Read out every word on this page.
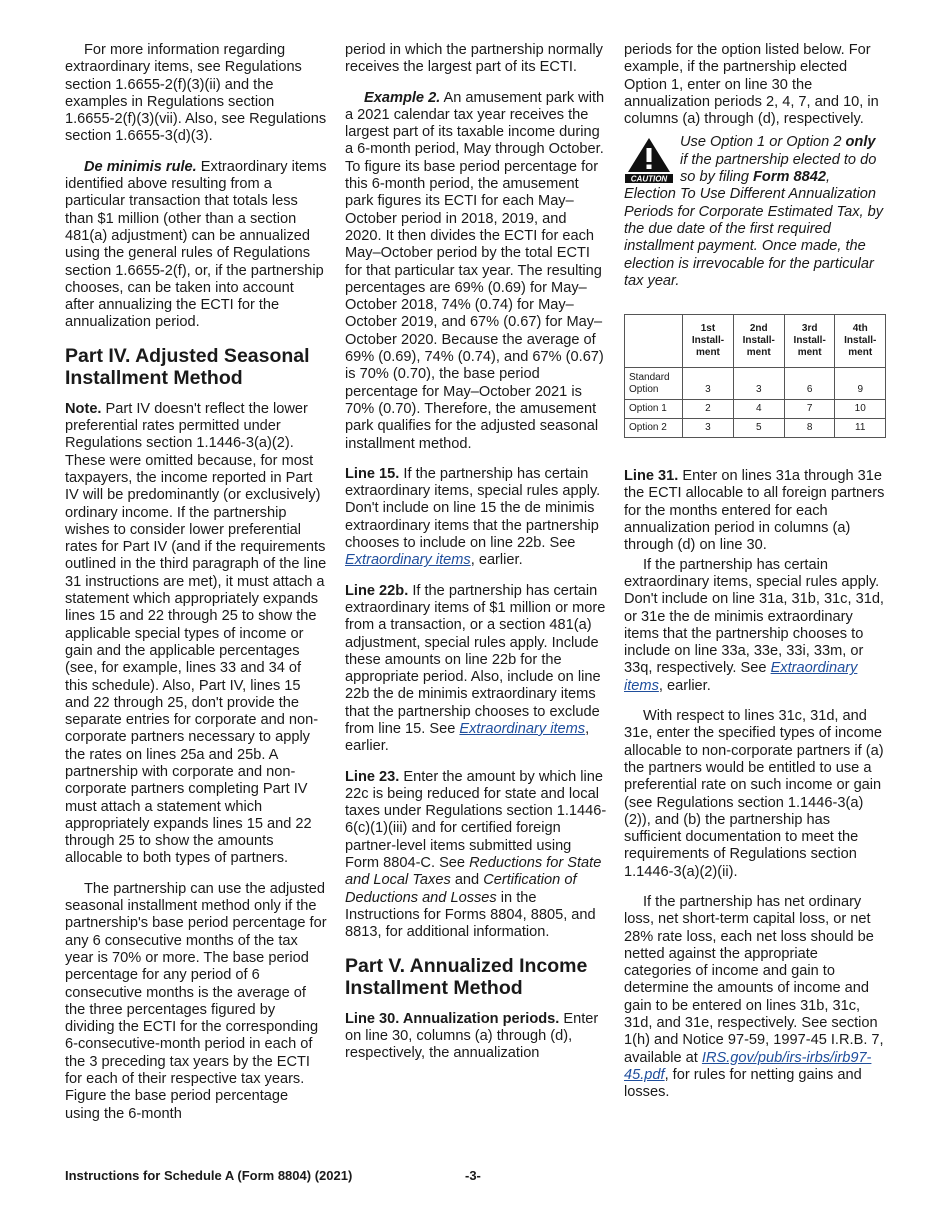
For more information regarding extraordinary items, see Regulations section 1.6655-2(f)(3)(ii) and the examples in Regulations section 1.6655-2(f)(3)(vii). Also, see Regulations section 1.6655-3(d)(3).

De minimis rule. Extraordinary items identified above resulting from a particular transaction that totals less than $1 million (other than a section 481(a) adjustment) can be annualized using the general rules of Regulations section 1.6655-2(f), or, if the partnership chooses, can be taken into account after annualizing the ECTI for the annualization period.

Part IV. Adjusted Seasonal Installment Method

Note. Part IV doesn't reflect the lower preferential rates permitted under Regulations section 1.1446-3(a)(2). These were omitted because, for most taxpayers, the income reported in Part IV will be predominantly (or exclusively) ordinary income. If the partnership wishes to consider lower preferential rates for Part IV (and if the requirements outlined in the third paragraph of the line 31 instructions are met), it must attach a statement which appropriately expands lines 15 and 22 through 25 to show the applicable special types of income or gain and the applicable percentages (see, for example, lines 33 and 34 of this schedule). Also, Part IV, lines 15 and 22 through 25, don't provide the separate entries for corporate and non-corporate partners necessary to apply the rates on lines 25a and 25b. A partnership with corporate and non-corporate partners completing Part IV must attach a statement which appropriately expands lines 15 and 22 through 25 to show the amounts allocable to both types of partners.

The partnership can use the adjusted seasonal installment method only if the partnership's base period percentage for any 6 consecutive months of the tax year is 70% or more. The base period percentage for any period of 6 consecutive months is the average of the three percentages figured by dividing the ECTI for the corresponding 6-consecutive-month period in each of the 3 preceding tax years by the ECTI for each of their respective tax years. Figure the base period percentage using the 6-month

period in which the partnership normally receives the largest part of its ECTI.

Example 2. An amusement park with a 2021 calendar tax year receives the largest part of its taxable income during a 6-month period, May through October. To figure its base period percentage for this 6-month period, the amusement park figures its ECTI for each May–October period in 2018, 2019, and 2020. It then divides the ECTI for each May–October period by the total ECTI for that particular tax year. The resulting percentages are 69% (0.69) for May–October 2018, 74% (0.74) for May–October 2019, and 67% (0.67) for May–October 2020. Because the average of 69% (0.69), 74% (0.74), and 67% (0.67) is 70% (0.70), the base period percentage for May–October 2021 is 70% (0.70). Therefore, the amusement park qualifies for the adjusted seasonal installment method.

Line 15. If the partnership has certain extraordinary items, special rules apply. Don't include on line 15 the de minimis extraordinary items that the partnership chooses to include on line 22b. See Extraordinary items, earlier.

Line 22b. If the partnership has certain extraordinary items of $1 million or more from a transaction, or a section 481(a) adjustment, special rules apply. Include these amounts on line 22b for the appropriate period. Also, include on line 22b the de minimis extraordinary items that the partnership chooses to exclude from line 15. See Extraordinary items, earlier.

Line 23. Enter the amount by which line 22c is being reduced for state and local taxes under Regulations section 1.1446-6(c)(1)(iii) and for certified foreign partner-level items submitted using Form 8804-C. See Reductions for State and Local Taxes and Certification of Deductions and Losses in the Instructions for Forms 8804, 8805, and 8813, for additional information.

Part V. Annualized Income Installment Method

Line 30. Annualization periods. Enter on line 30, columns (a) through (d), respectively, the annualization

periods for the option listed below. For example, if the partnership elected Option 1, enter on line 30 the annualization periods 2, 4, 7, and 10, in columns (a) through (d), respectively.

CAUTION
Use Option 1 or Option 2 only if the partnership elected to do so by filing Form 8842, Election To Use Different Annualization Periods for Corporate Estimated Tax, by the due date of the first required installment payment. Once made, the election is irrevocable for the particular tax year.
	1st Install-ment	2nd Install-ment	3rd Install-ment	4th Install-ment
Standard Option	3	3	6	9
Option 1	2	4	7	10
Option 2	3	5	8	11

Line 31. Enter on lines 31a through 31e the ECTI allocable to all foreign partners for the months entered for each annualization period in columns (a) through (d) on line 30.

If the partnership has certain extraordinary items, special rules apply. Don't include on line 31a, 31b, 31c, 31d, or 31e the de minimis extraordinary items that the partnership chooses to include on line 33a, 33e, 33i, 33m, or 33q, respectively. See Extraordinary items, earlier.

With respect to lines 31c, 31d, and 31e, enter the specified types of income allocable to non-corporate partners if (a) the partners would be entitled to use a preferential rate on such income or gain (see Regulations section 1.1446-3(a)(2)), and (b) the partnership has sufficient documentation to meet the requirements of Regulations section 1.1446-3(a)(2)(ii).

If the partnership has net ordinary loss, net short-term capital loss, or net 28% rate loss, each net loss should be netted against the appropriate categories of income and gain to determine the amounts of income and gain to be entered on lines 31b, 31c, 31d, and 31e, respectively. See section 1(h) and Notice 97-59, 1997-45 I.R.B. 7, available at IRS.gov/pub/irs-irbs/irb97-45.pdf, for rules for netting gains and losses.

Instructions for Schedule A (Form 8804) (2021)	-3-
